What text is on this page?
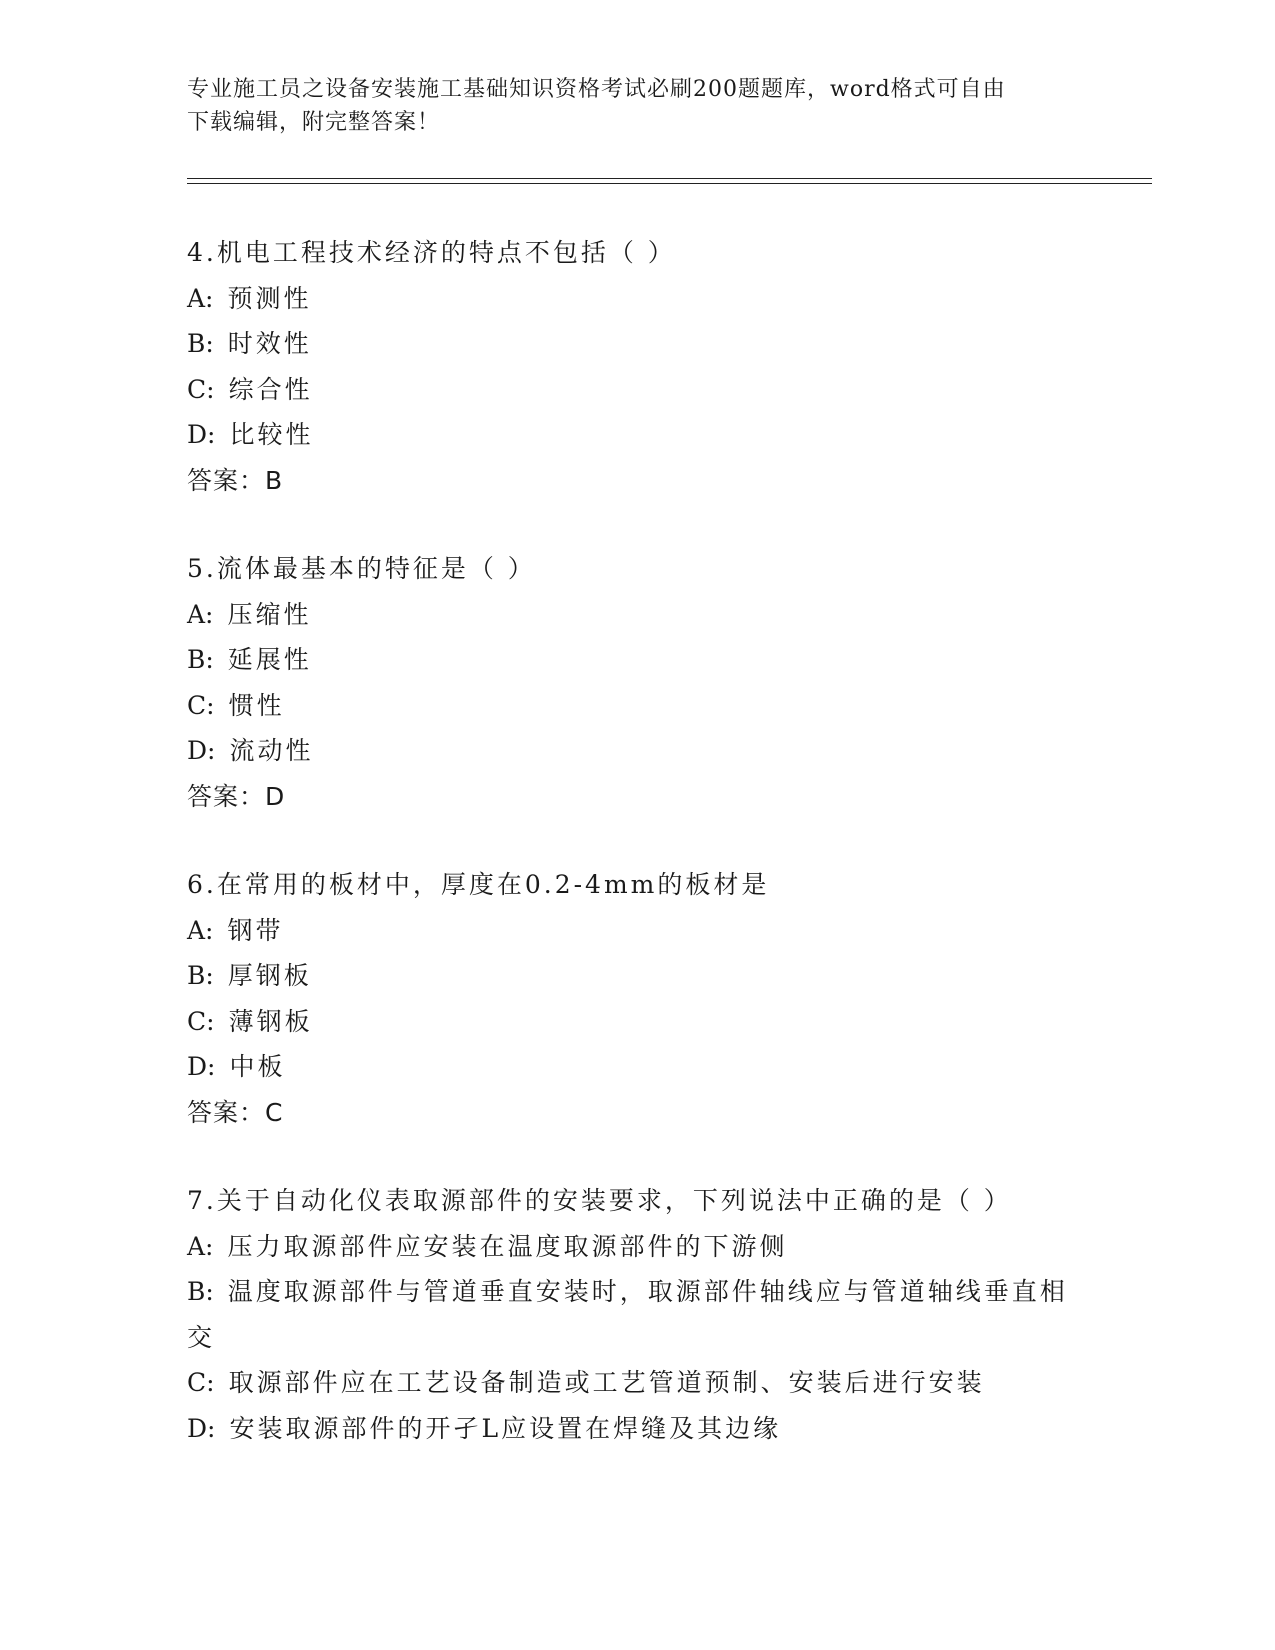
专业施工员之设备安装施工基础知识资格考试必刷200题题库，word格式可自由
下载编辑，附完整答案！
4.机电工程技术经济的特点不包括（ ）
A: 预测性
B: 时效性
C: 综合性
D: 比较性
答案：B
5.流体最基本的特征是（ ）
A: 压缩性
B: 延展性
C: 惯性
D: 流动性
答案：D
6.在常用的板材中，厚度在0.2-4mm的板材是
A: 钢带
B: 厚钢板
C: 薄钢板
D: 中板
答案：C
7.关于自动化仪表取源部件的安装要求，下列说法中正确的是（ ）
A: 压力取源部件应安装在温度取源部件的下游侧
B: 温度取源部件与管道垂直安装时，取源部件轴线应与管道轴线垂直相交
C: 取源部件应在工艺设备制造或工艺管道预制、安装后进行安装
D: 安装取源部件的开孑L应设置在焊缝及其边缘
